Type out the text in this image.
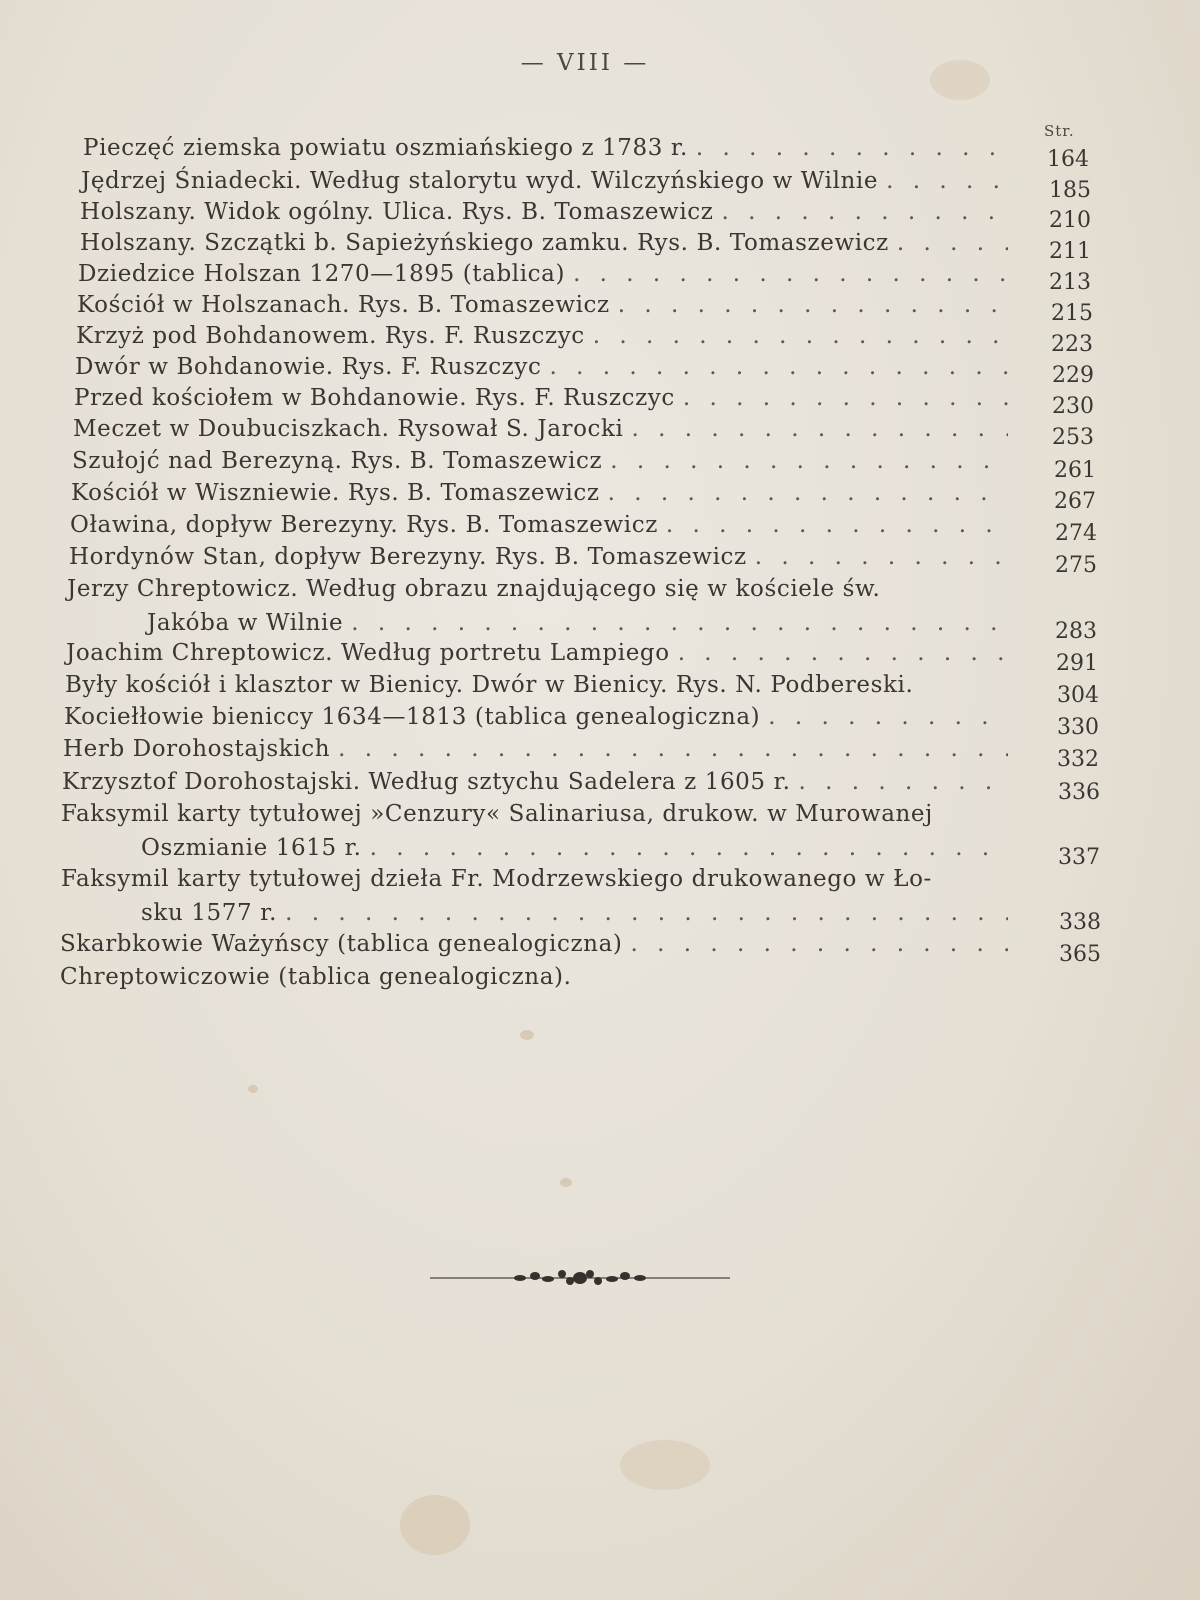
— VIII —
Str.
Pieczęć ziemska powiatu oszmiańskiego z 1783 r. . . .	164
Jędrzej Śniadecki. Według stalorytu wyd. Wilczyńskiego w Wilnie . . .	185
Holszany. Widok ogólny. Ulica. Rys. B. Tomaszewicz . . .	210
Holszany. Szczątki b. Sapieżyńskiego zamku. Rys. B. Tomaszewicz . . .	211
Dziedzice Holszan 1270—1895 (tablica) . . .	213
Kościół w Holszanach. Rys. B. Tomaszewicz . . .	215
Krzyż pod Bohdanowem. Rys. F. Ruszczyc . . .	223
Dwór w Bohdanowie. Rys. F. Ruszczyc . . .	229
Przed kościołem w Bohdanowie. Rys. F. Ruszczyc . . .	230
Meczet w Doubuciszkach. Rysował S. Jarocki . . .	253
Szułojć nad Berezyną. Rys. B. Tomaszewicz . . .	261
Kościół w Wiszniewie. Rys. B. Tomaszewicz . . .	267
Oławina, dopływ Berezyny. Rys. B. Tomaszewicz . . .	274
Hordynów Stan, dopływ Berezyny. Rys. B. Tomaszewicz . . .	275
Jerzy Chreptowicz. Według obrazu znajdującego się w kościele św.
Jakóba w Wilnie . . .	283
Joachim Chreptowicz. Według portretu Lampiego . . .	291
Były kościół i klasztor w Bienicy. Dwór w Bienicy. Rys. N. Podbereski.	304
Kociełłowie bieniccy 1634—1813 (tablica genealogiczna) . . .	330
Herb Dorohostajskich . . .	332
Krzysztof Dorohostajski. Według sztychu Sadelera z 1605 r. . . .	336
Faksymil karty tytułowej »Cenzury« Salinariusa, drukow. w Murowanej
Oszmianie 1615 r. . . .	337
Faksymil karty tytułowej dzieła Fr. Modrzewskiego drukowanego w Ło-
sku 1577 r. . . .	338
Skarbkowie Ważyńscy (tablica genealogiczna) . . .	365
Chreptowiczowie (tablica genealogiczna).
